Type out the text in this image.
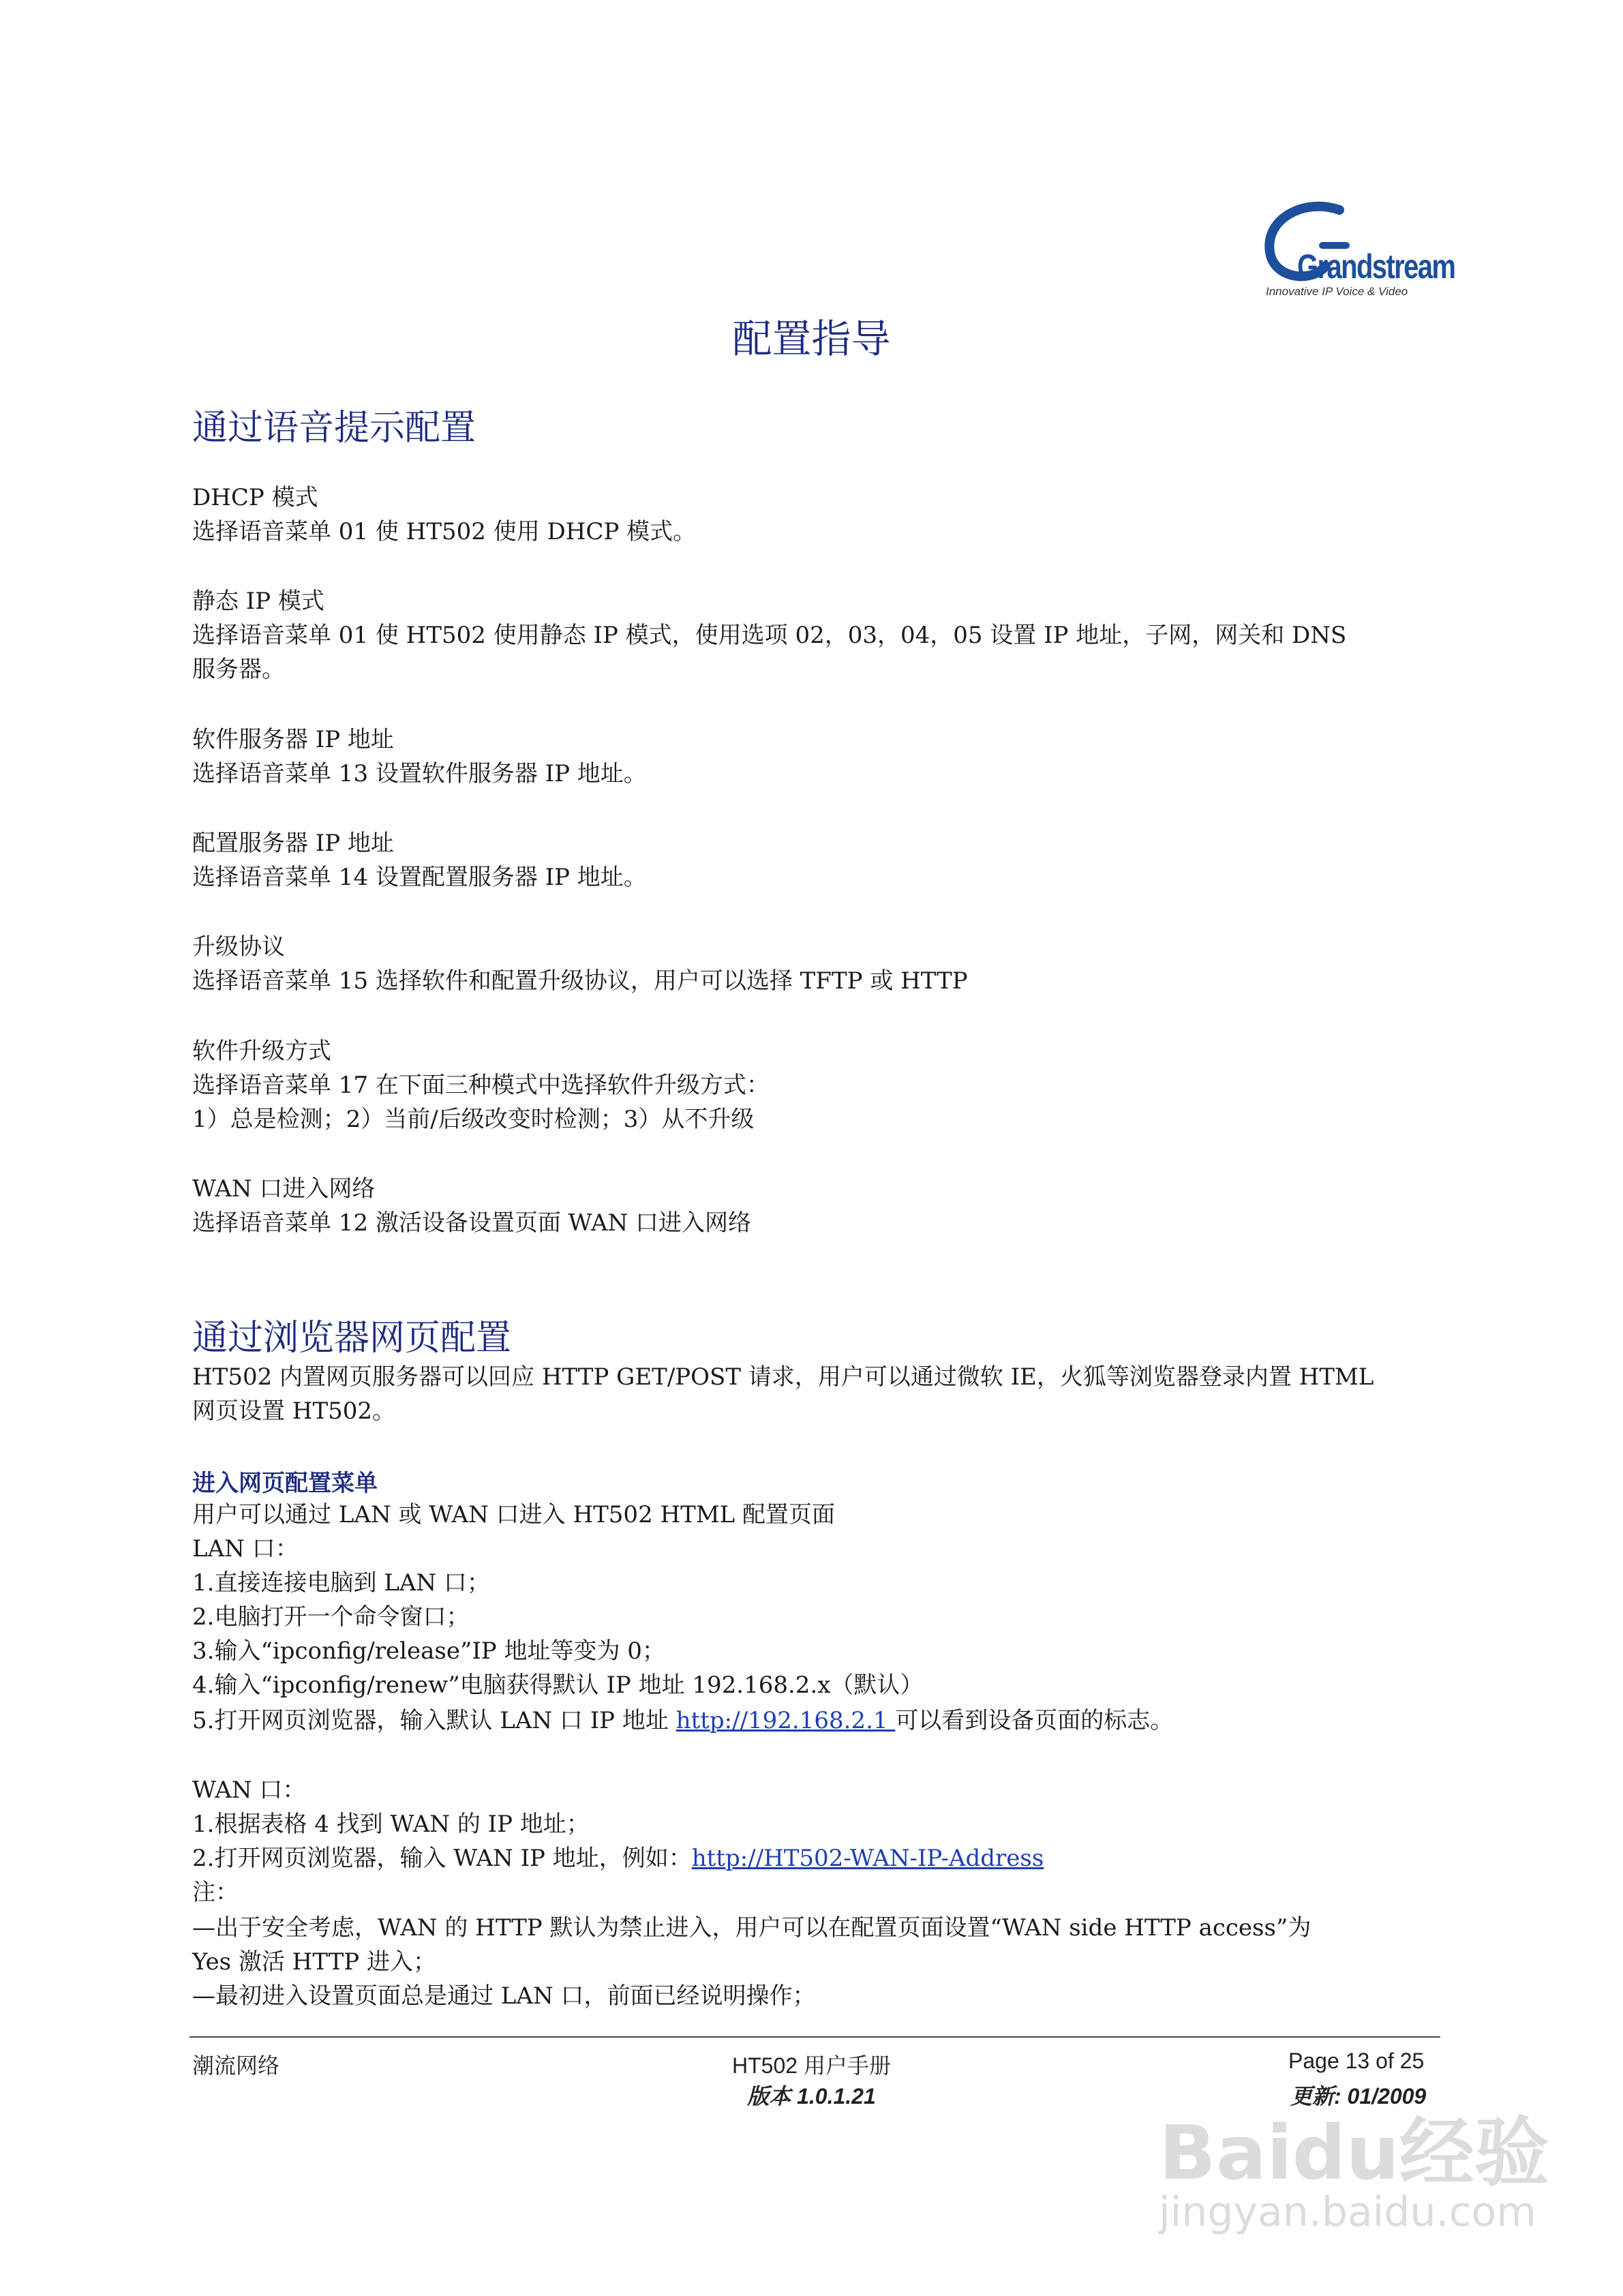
Grandstream
Innovative IP Voice & Video
配置指导
通过语音提示配置
DHCP 模式
选择语音菜单 01 使 HT502 使用 DHCP 模式。
静态 IP 模式
选择语音菜单 01 使 HT502 使用静态 IP 模式，使用选项 02，03，04，05 设置 IP 地址，子网，网关和 DNS
服务器。
软件服务器 IP 地址
选择语音菜单 13 设置软件服务器 IP 地址。
配置服务器 IP 地址
选择语音菜单 14 设置配置服务器 IP 地址。
升级协议
选择语音菜单 15 选择软件和配置升级协议，用户可以选择 TFTP 或 HTTP
软件升级方式
选择语音菜单 17 在下面三种模式中选择软件升级方式：
1）总是检测；2）当前/后级改变时检测；3）从不升级
WAN 口进入网络
选择语音菜单 12 激活设备设置页面 WAN 口进入网络
通过浏览器网页配置
HT502 内置网页服务器可以回应 HTTP GET/POST 请求，用户可以通过微软 IE，火狐等浏览器登录内置 HTML
网页设置 HT502。
进入网页配置菜单
用户可以通过 LAN 或 WAN 口进入 HT502 HTML 配置页面
LAN 口：
1.直接连接电脑到 LAN 口；
2.电脑打开一个命令窗口；
3.输入“ipconfig/release”IP 地址等变为 0；
4.输入“ipconfig/renew”电脑获得默认 IP 地址 192.168.2.x（默认）
5.打开网页浏览器，输入默认 LAN 口 IP 地址 http://192.168.2.1 可以看到设备页面的标志。
WAN 口：
1.根据表格 4 找到 WAN 的 IP 地址；
2.打开网页浏览器，输入 WAN IP 地址，例如：http://HT502-WAN-IP-Address
注：
—出于安全考虑，WAN 的 HTTP 默认为禁止进入，用户可以在配置页面设置“WAN side HTTP access”为
Yes 激活 HTTP 进入；
—最初进入设置页面总是通过 LAN 口，前面已经说明操作；
潮流网络	HT502 用户手册
版本 1.0.1.21
Page 13 of 25
更新: 01/2009
Baidu经验
jingyan.baidu.com
